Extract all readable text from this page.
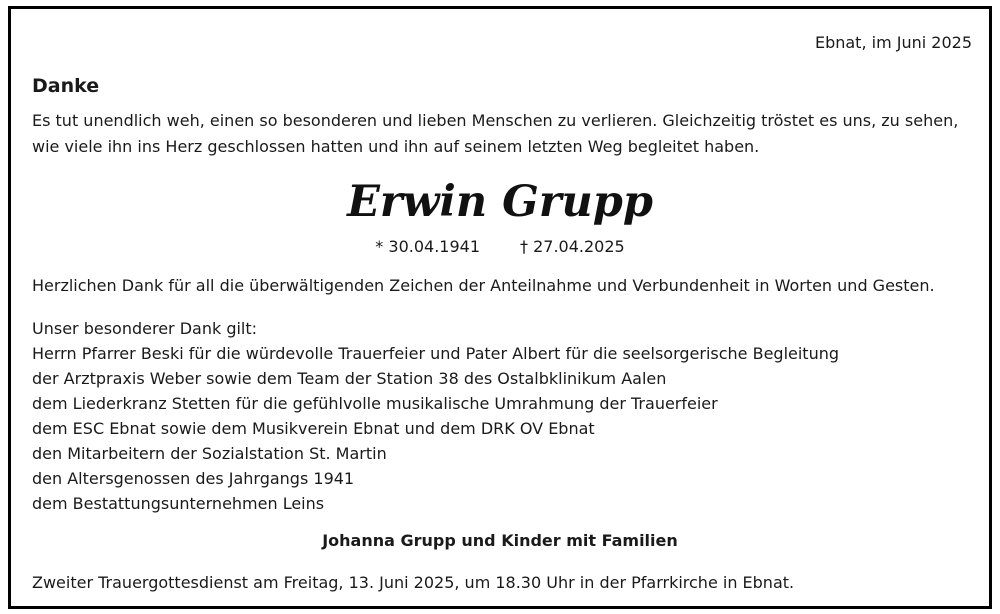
Ebnat, im Juni 2025
Danke
Es tut unendlich weh, einen so besonderen und lieben Menschen zu verlieren. Gleichzeitig tröstet es uns, zu sehen, wie viele ihn ins Herz geschlossen hatten und ihn auf seinem letzten Weg begleitet haben.
Erwin Grupp
* 30.04.1941	† 27.04.2025
Herzlichen Dank für all die überwältigenden Zeichen der Anteilnahme und Verbundenheit in Worten und Gesten.
Unser besonderer Dank gilt:
Herrn Pfarrer Beski für die würdevolle Trauerfeier und Pater Albert für die seelsorgerische Begleitung
der Arztpraxis Weber sowie dem Team der Station 38 des Ostalbklinikum Aalen
dem Liederkranz Stetten für die gefühlvolle musikalische Umrahmung der Trauerfeier
dem ESC Ebnat sowie dem Musikverein Ebnat und dem DRK OV Ebnat
den Mitarbeitern der Sozialstation St. Martin
den Altersgenossen des Jahrgangs 1941
dem Bestattungsunternehmen Leins
Johanna Grupp und Kinder mit Familien
Zweiter Trauergottesdienst am Freitag, 13. Juni 2025, um 18.30 Uhr in der Pfarrkirche in Ebnat.
